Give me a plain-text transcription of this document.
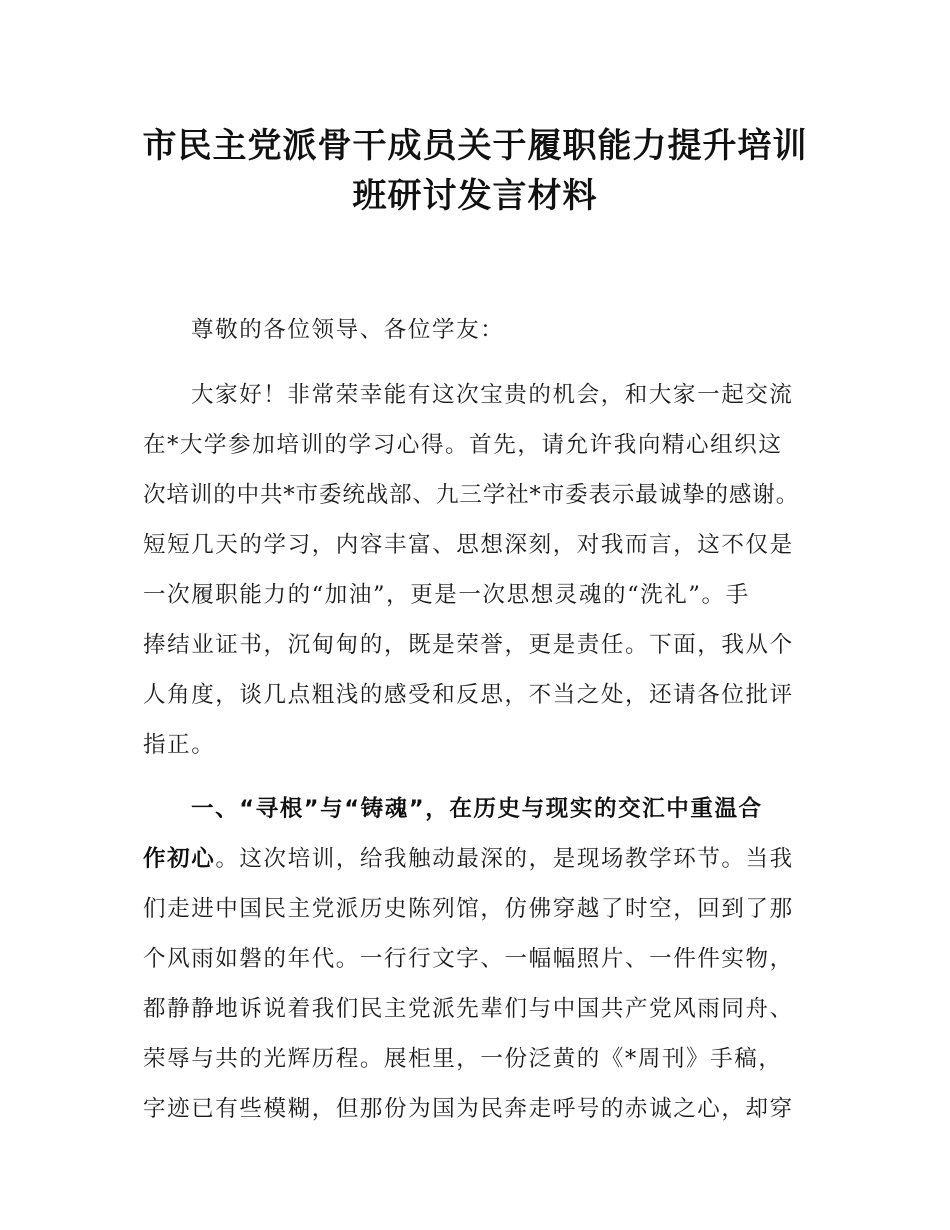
市民主党派骨干成员关于履职能力提升培训
班研讨发言材料
尊敬的各位领导、各位学友：
大家好！非常荣幸能有这次宝贵的机会，和大家一起交流
在*大学参加培训的学习心得。首先，请允许我向精心组织这
次培训的中共*市委统战部、九三学社*市委表示最诚挚的感谢。
短短几天的学习，内容丰富、思想深刻，对我而言，这不仅是
一次履职能力的“加油”，更是一次思想灵魂的“洗礼”。手
捧结业证书，沉甸甸的，既是荣誉，更是责任。下面，我从个
人角度，谈几点粗浅的感受和反思，不当之处，还请各位批评
指正。
一、“寻根”与“铸魂”，在历史与现实的交汇中重温合
作初心。这次培训，给我触动最深的，是现场教学环节。当我
们走进中国民主党派历史陈列馆，仿佛穿越了时空，回到了那
个风雨如磐的年代。一行行文字、一幅幅照片、一件件实物，
都静静地诉说着我们民主党派先辈们与中国共产党风雨同舟、
荣辱与共的光辉历程。展柜里，一份泛黄的《*周刊》手稿，
字迹已有些模糊，但那份为国为民奔走呼号的赤诚之心，却穿
